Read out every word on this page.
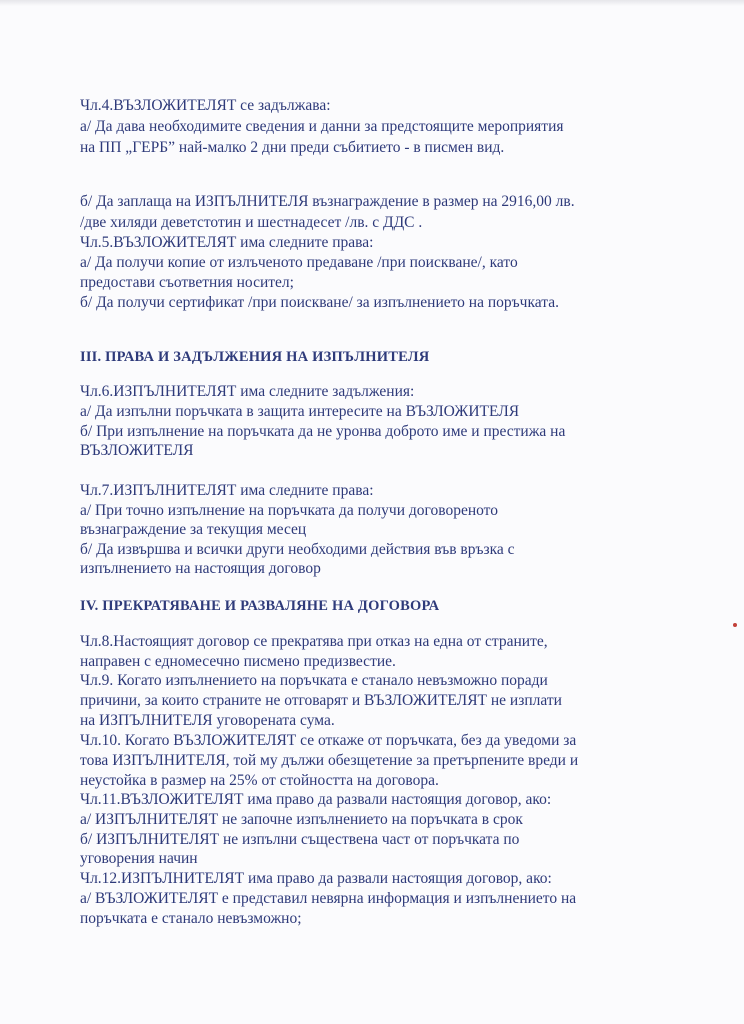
Чл.4.ВЪЗЛОЖИТЕЛЯТ се задължава:
а/ Да дава необходимите сведения и данни за предстоящите мероприятия
на ПП „ГЕРБ” най-малко 2 дни преди събитието - в писмен вид.
б/ Да заплаща на ИЗПЪЛНИТЕЛЯ възнаграждение в размер на 2916,00 лв.
/две хиляди деветстотин и шестнадесет /лв. с ДДС .
Чл.5.ВЪЗЛОЖИТЕЛЯТ има следните права:
а/ Да получи копие от излъченото предаване /при поискване/, като
предостави съответния носител;
б/ Да получи сертификат /при поискване/ за изпълнението на поръчката.
III. ПРАВА И ЗАДЪЛЖЕНИЯ НА ИЗПЪЛНИТЕЛЯ
Чл.6.ИЗПЪЛНИТЕЛЯТ има следните задължения:
а/ Да изпълни поръчката в защита интересите на ВЪЗЛОЖИТЕЛЯ
б/ При изпълнение на поръчката да не уронва доброто име и престижа на
ВЪЗЛОЖИТЕЛЯ
Чл.7.ИЗПЪЛНИТЕЛЯТ има следните права:
а/ При точно изпълнение на поръчката да получи договореното
възнаграждение за текущия месец
б/ Да извършва и всички други необходими действия във връзка с
изпълнението на настоящия договор
IV. ПРЕКРАТЯВАНЕ И РАЗВАЛЯНЕ НА ДОГОВОРА
Чл.8.Настоящият договор се прекратява при отказ на една от страните,
направен с едномесечно писмено предизвестие.
Чл.9. Когато изпълнението на поръчката е станало невъзможно поради
причини, за които страните не отговарят и ВЪЗЛОЖИТЕЛЯТ не изплати
на ИЗПЪЛНИТЕЛЯ уговорената сума.
Чл.10. Когато ВЪЗЛОЖИТЕЛЯТ се откаже от поръчката, без да уведоми за
това ИЗПЪЛНИТЕЛЯ, той му дължи обезщетение за претърпените вреди и
неустойка в размер на 25% от стойността на договора.
Чл.11.ВЪЗЛОЖИТЕЛЯТ има право да развали настоящия договор, ако:
а/ ИЗПЪЛНИТЕЛЯТ не започне изпълнението на поръчката в срок
б/ ИЗПЪЛНИТЕЛЯТ не изпълни съществена част от поръчката по
уговорения начин
Чл.12.ИЗПЪЛНИТЕЛЯТ има право да развали настоящия договор, ако:
а/ ВЪЗЛОЖИТЕЛЯТ е представил невярна информация и изпълнението на
поръчката е станало невъзможно;
